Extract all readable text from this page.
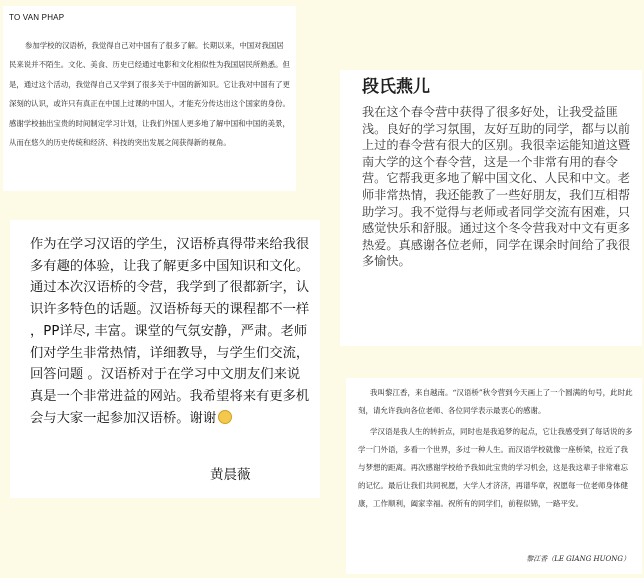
TO VAN PHAP

参加学校的汉语桥，我觉得自己对中国有了很多了解。长期以来，中国对我国居民来说并不陌生。文化、美食、历史已经通过电影和文化相似性为我国居民所熟悉。但是，通过这个活动，我觉得自己又学到了很多关于中国的新知识。它让我对中国有了更深刻的认识，或许只有真正在中国上过课的中国人，才能充分传达出这个国家的身份。感谢学校抽出宝贵的时间制定学习计划，让我们外国人更多地了解中国和中国的美景，从而在悠久的历史传统和经济、科技的突出发展之间获得新的视角。

段氏燕儿

我在这个春令营中获得了很多好处，让我受益匪浅。良好的学习氛围，友好互助的同学，都与以前上过的春令营有很大的区别。我很幸运能知道这暨南大学的这个春令营，这是一个非常有用的春令营。它帮我更多地了解中国文化、人民和中文。老师非常热情，我还能教了一些好朋友，我们互相帮助学习。我不觉得与老师或者同学交流有困难，只感觉快乐和舒服。通过这个冬令营我对中文有更多热爱。真感谢各位老师，同学在课余时间给了我很多愉快。

作为在学习汉语的学生，汉语桥真得带来给我很多有趣的体验，让我了解更多中国知识和文化。通过本次汉语桥的令营，我学到了很都新字，认识许多特色的话题。汉语桥每天的课程都不一样 ，PP详尽, 丰富。课堂的气氛安静，严肃。老师们对学生非常热情，详细教导，与学生们交流，回答问题 。汉语桥对于在学习中文朋友们来说真是一个非常进益的网站。我希望将来有更多机会与大家一起参加汉语桥。谢谢

黄晨薇

我叫黎江香，来自越南。“汉语桥”秋令营到今天画上了一个圆满的句号，此时此刻，请允许我向各位老师、各位同学表示最衷心的感谢。

学汉语是我人生的转折点，同时也是我追梦的起点，它让我感受到了每话说的多学一门外语，多看一个世界，多过一种人生。而汉语学校就像一座桥梁，拉近了我与梦想的距离。再次感谢学校给予我如此宝贵的学习机会，这是我这辈子非常难忘的记忆。最后让我们共同祝愿，大学人才济济，再谱华章，祝愿每一位老师身体健康，工作顺利，阖家幸福。祝所有的同学们，前程似锦，一路平安。

黎江香（LE GIANG HUONG）
